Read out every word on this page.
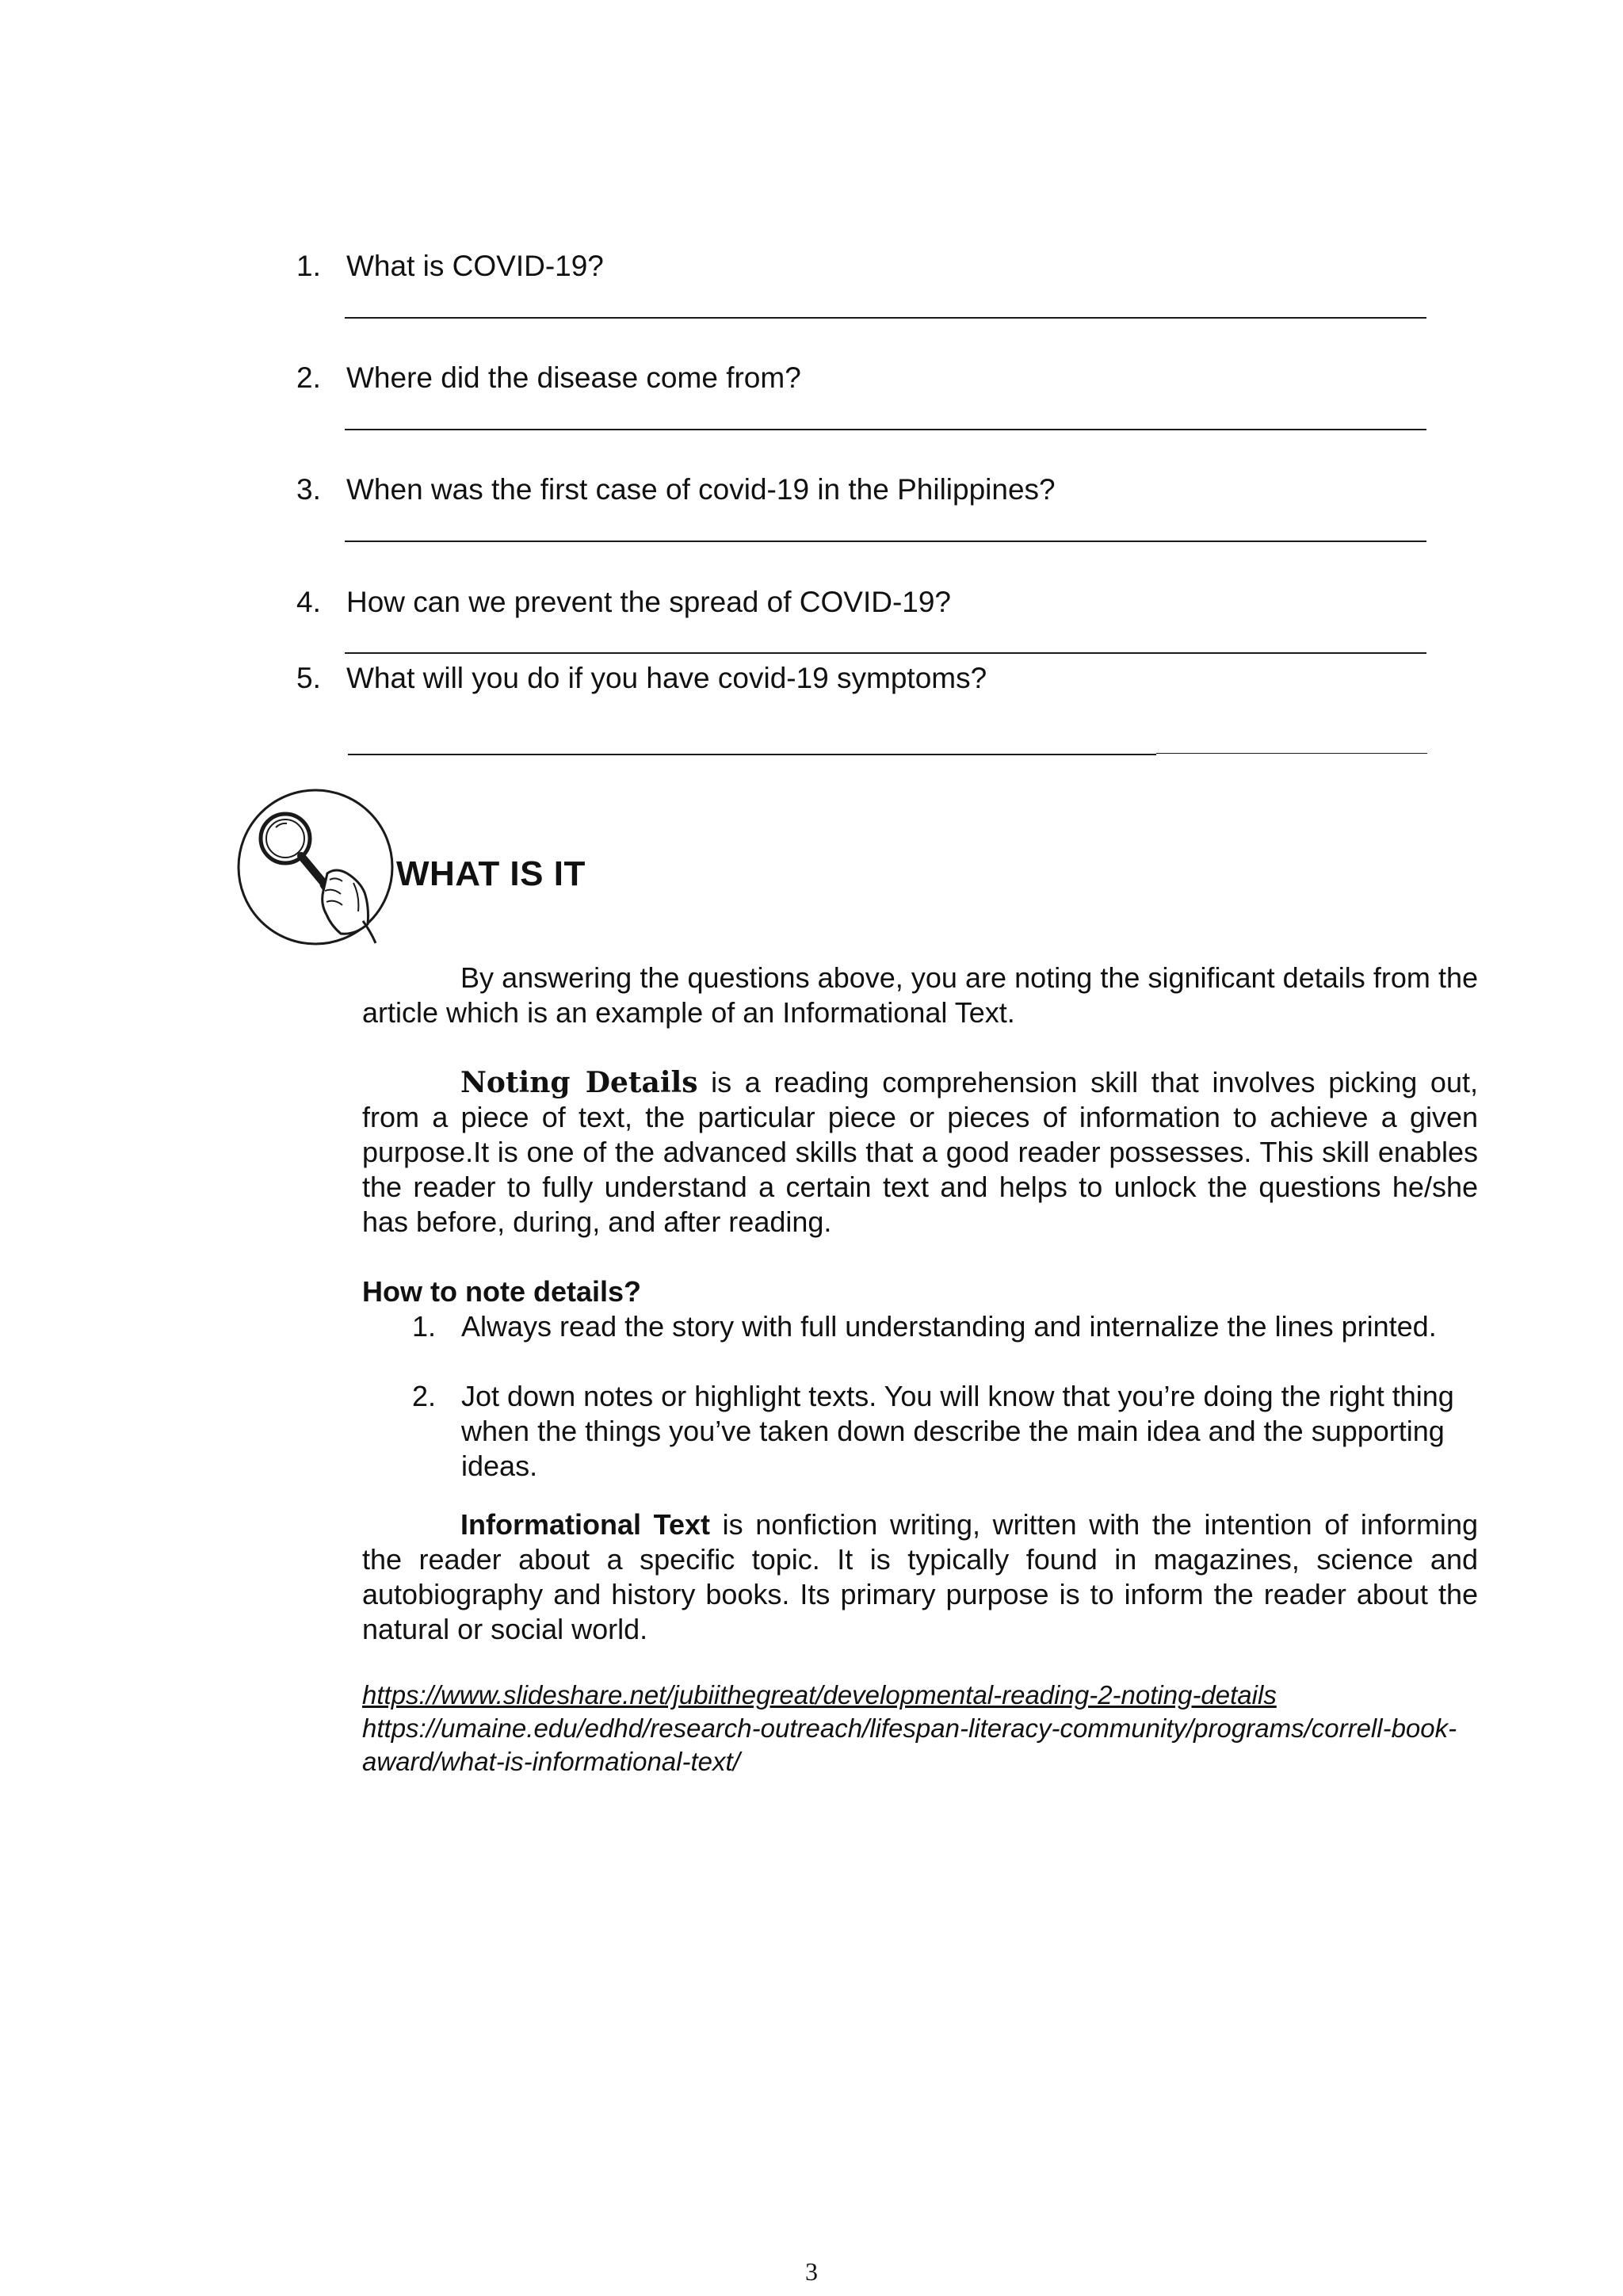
1. What is COVID-19?
2. Where did the disease come from?
3. When was the first case of covid-19 in the Philippines?
4. How can we prevent the spread of COVID-19?
5. What will you do if you have covid-19 symptoms?
WHAT IS IT
By answering the questions above, you are noting the significant details from the article which is an example of an Informational Text.
Noting Details is a reading comprehension skill that involves picking out, from a piece of text, the particular piece or pieces of information to achieve a given purpose.It is one of the advanced skills that a good reader possesses. This skill enables the reader to fully understand a certain text and helps to unlock the questions he/she has before, during, and after reading.
How to note details?
1. Always read the story with full understanding and internalize the lines printed.
2. Jot down notes or highlight texts. You will know that you’re doing the right thing when the things you’ve taken down describe the main idea and the supporting ideas.
Informational Text is nonfiction writing, written with the intention of informing the reader about a specific topic. It is typically found in magazines, science and autobiography and history books. Its primary purpose is to inform the reader about the natural or social world.
https://www.slideshare.net/jubiithegreat/developmental-reading-2-noting-details
https://umaine.edu/edhd/research-outreach/lifespan-literacy-community/programs/correll-book-award/what-is-informational-text/
3
